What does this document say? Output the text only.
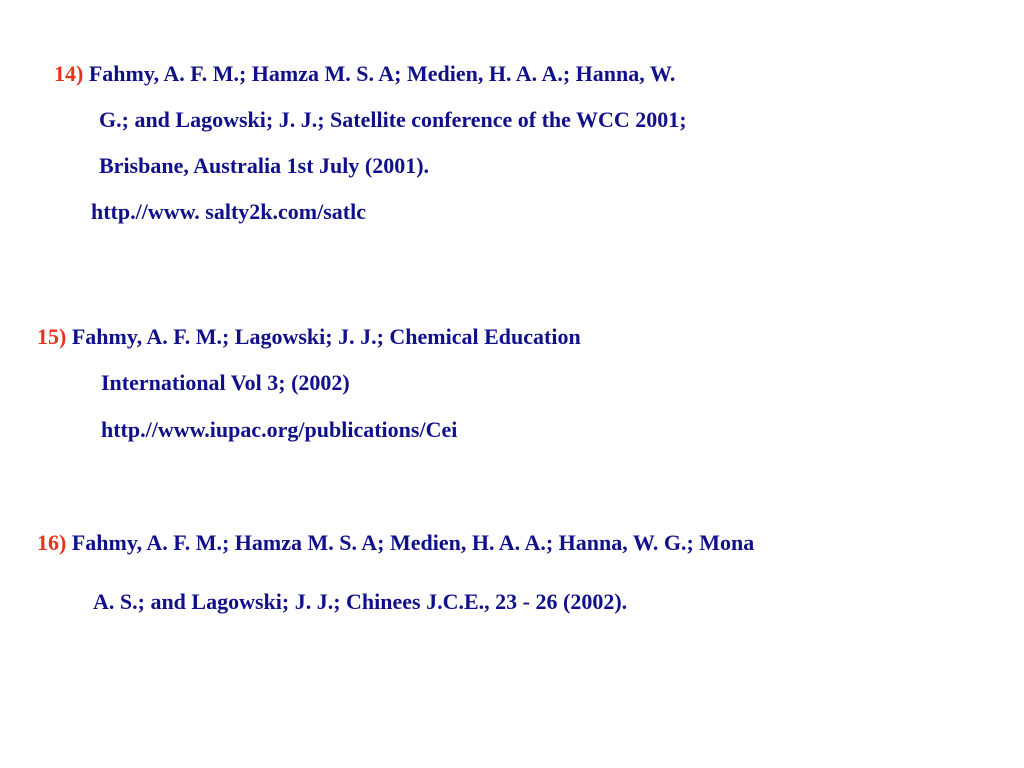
14) Fahmy, A. F. M.; Hamza M. S. A; Medien, H. A. A.; Hanna, W.
G.; and Lagowski; J. J.; Satellite conference of the WCC 2001;
Brisbane, Australia 1st July (2001).
http.//www. salty2k.com/satlc
15) Fahmy, A. F. M.; Lagowski; J. J.; Chemical Education
International Vol 3; (2002)
http.//www.iupac.org/publications/Cei
16) Fahmy, A. F. M.; Hamza M. S. A; Medien, H. A. A.; Hanna, W. G.; Mona
A. S.; and Lagowski; J. J.; Chinees J.C.E., 23 - 26 (2002).
